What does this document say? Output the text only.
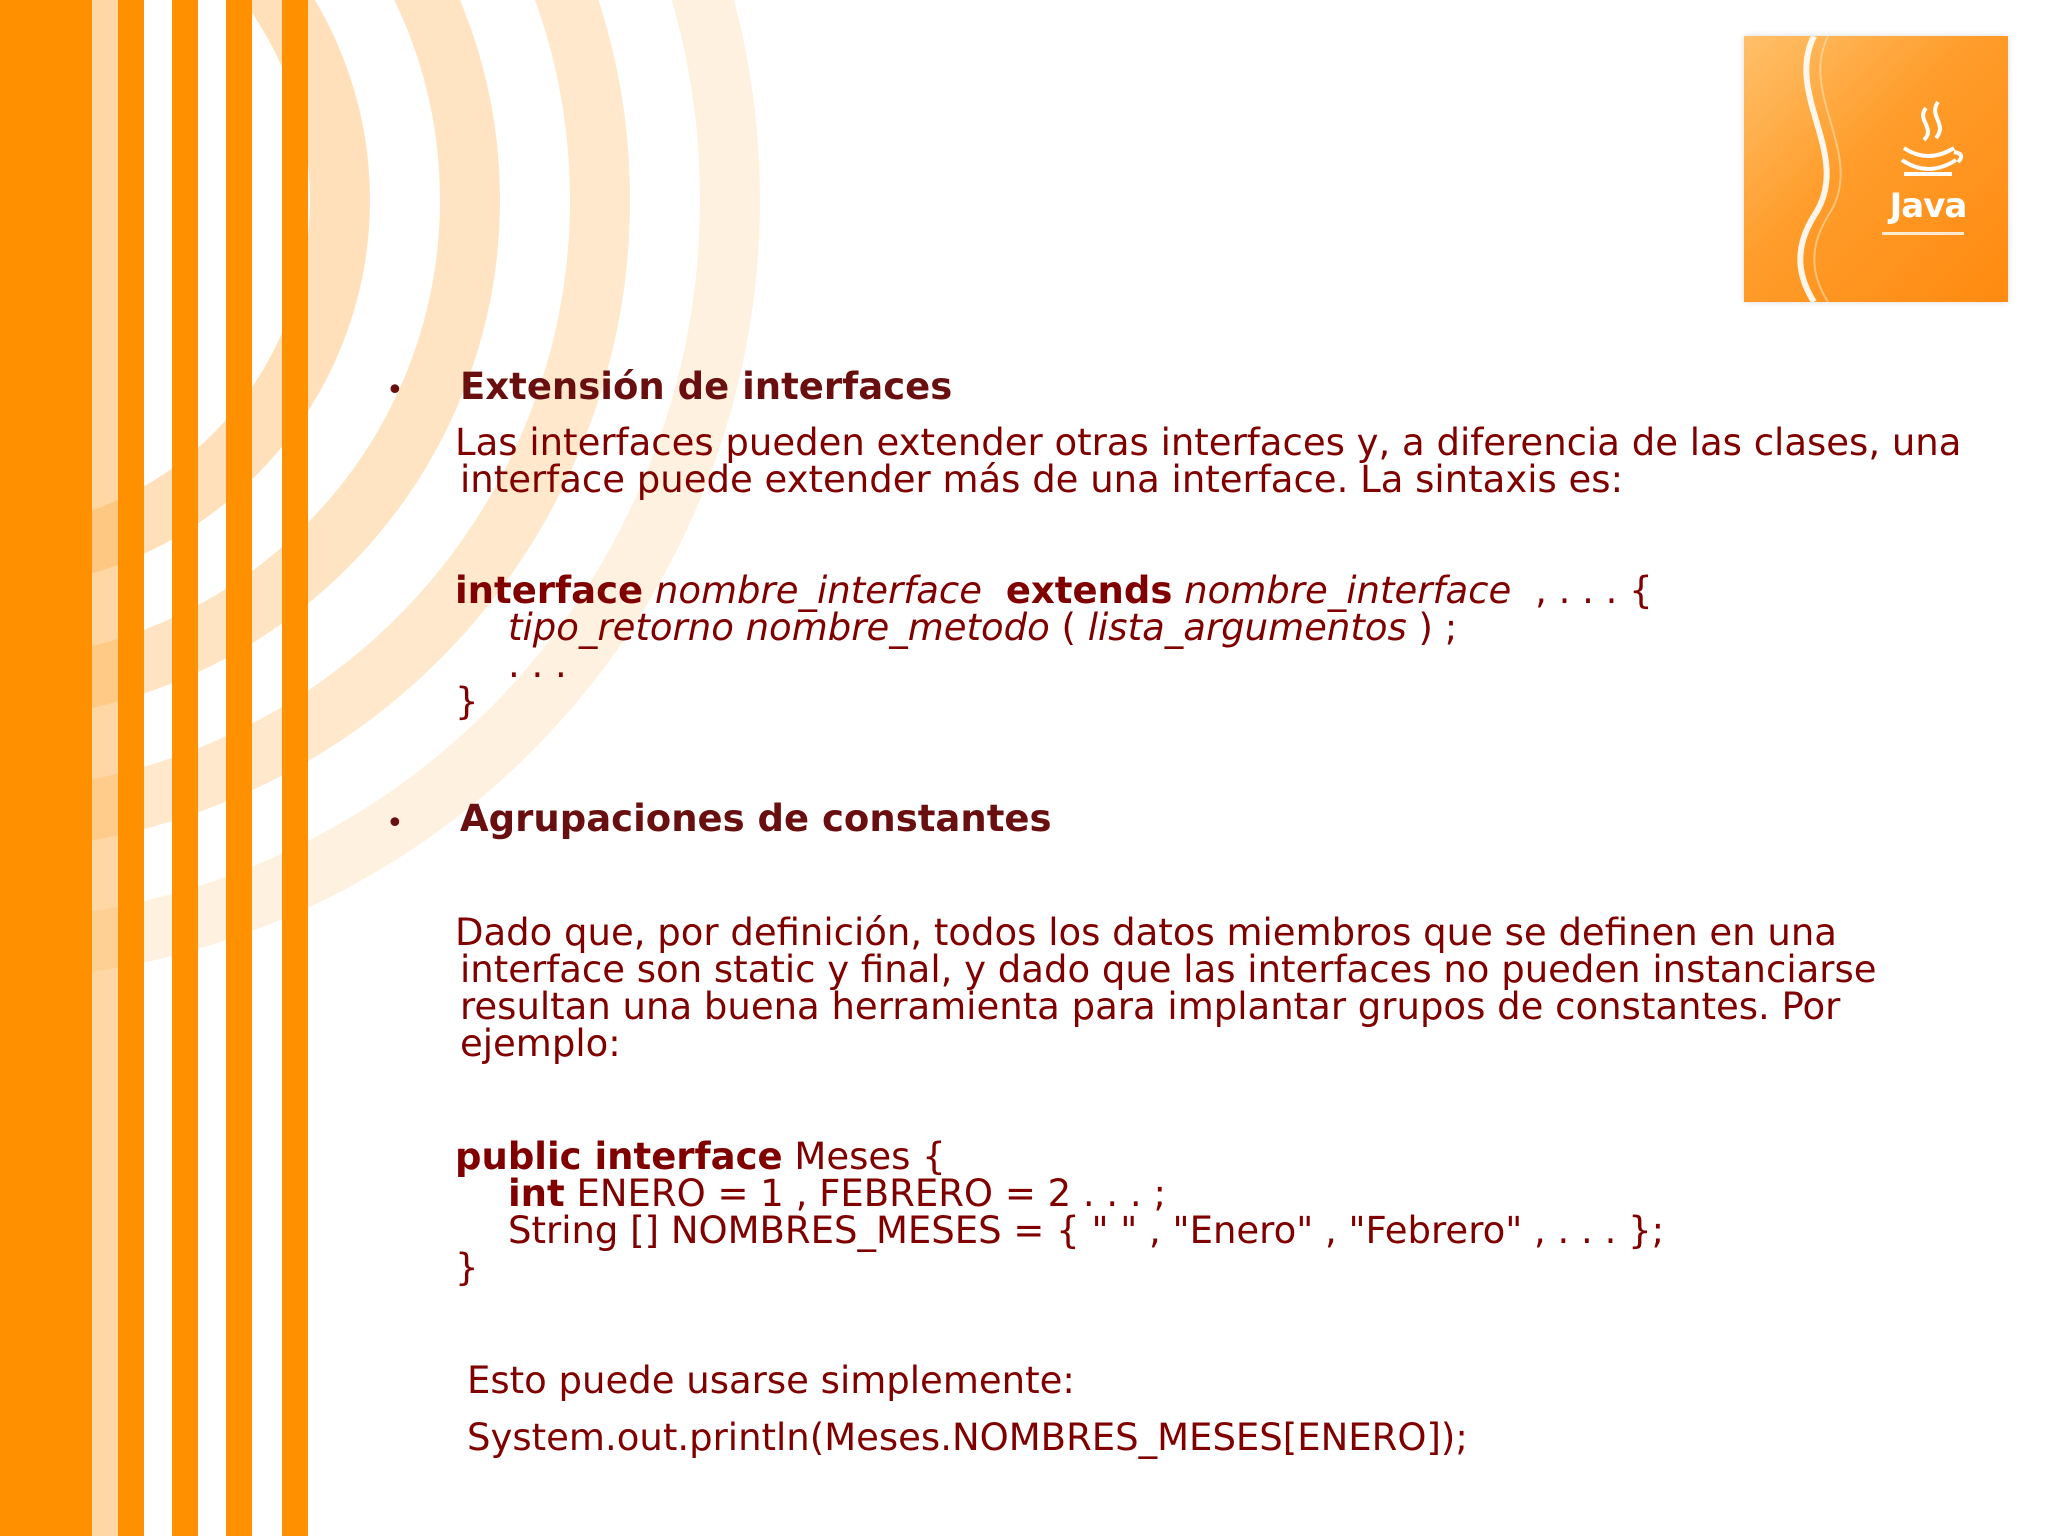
Java
• Extensión de interfaces
Las interfaces pueden extender otras interfaces y, a diferencia de las clases, una
interface puede extender más de una interface. La sintaxis es:
interface nombre_interface extends nombre_interface , . . . {
tipo_retorno nombre_metodo ( lista_argumentos ) ;
. . .
}
• Agrupaciones de constantes
Dado que, por definición, todos los datos miembros que se definen en una
interface son static y final, y dado que las interfaces no pueden instanciarse
resultan una buena herramienta para implantar grupos de constantes. Por
ejemplo:
public interface Meses {
int ENERO = 1 , FEBRERO = 2 . . . ;
String [] NOMBRES_MESES = { " " , "Enero" , "Febrero" , . . . };
}
Esto puede usarse simplemente:
System.out.println(Meses.NOMBRES_MESES[ENERO]);
